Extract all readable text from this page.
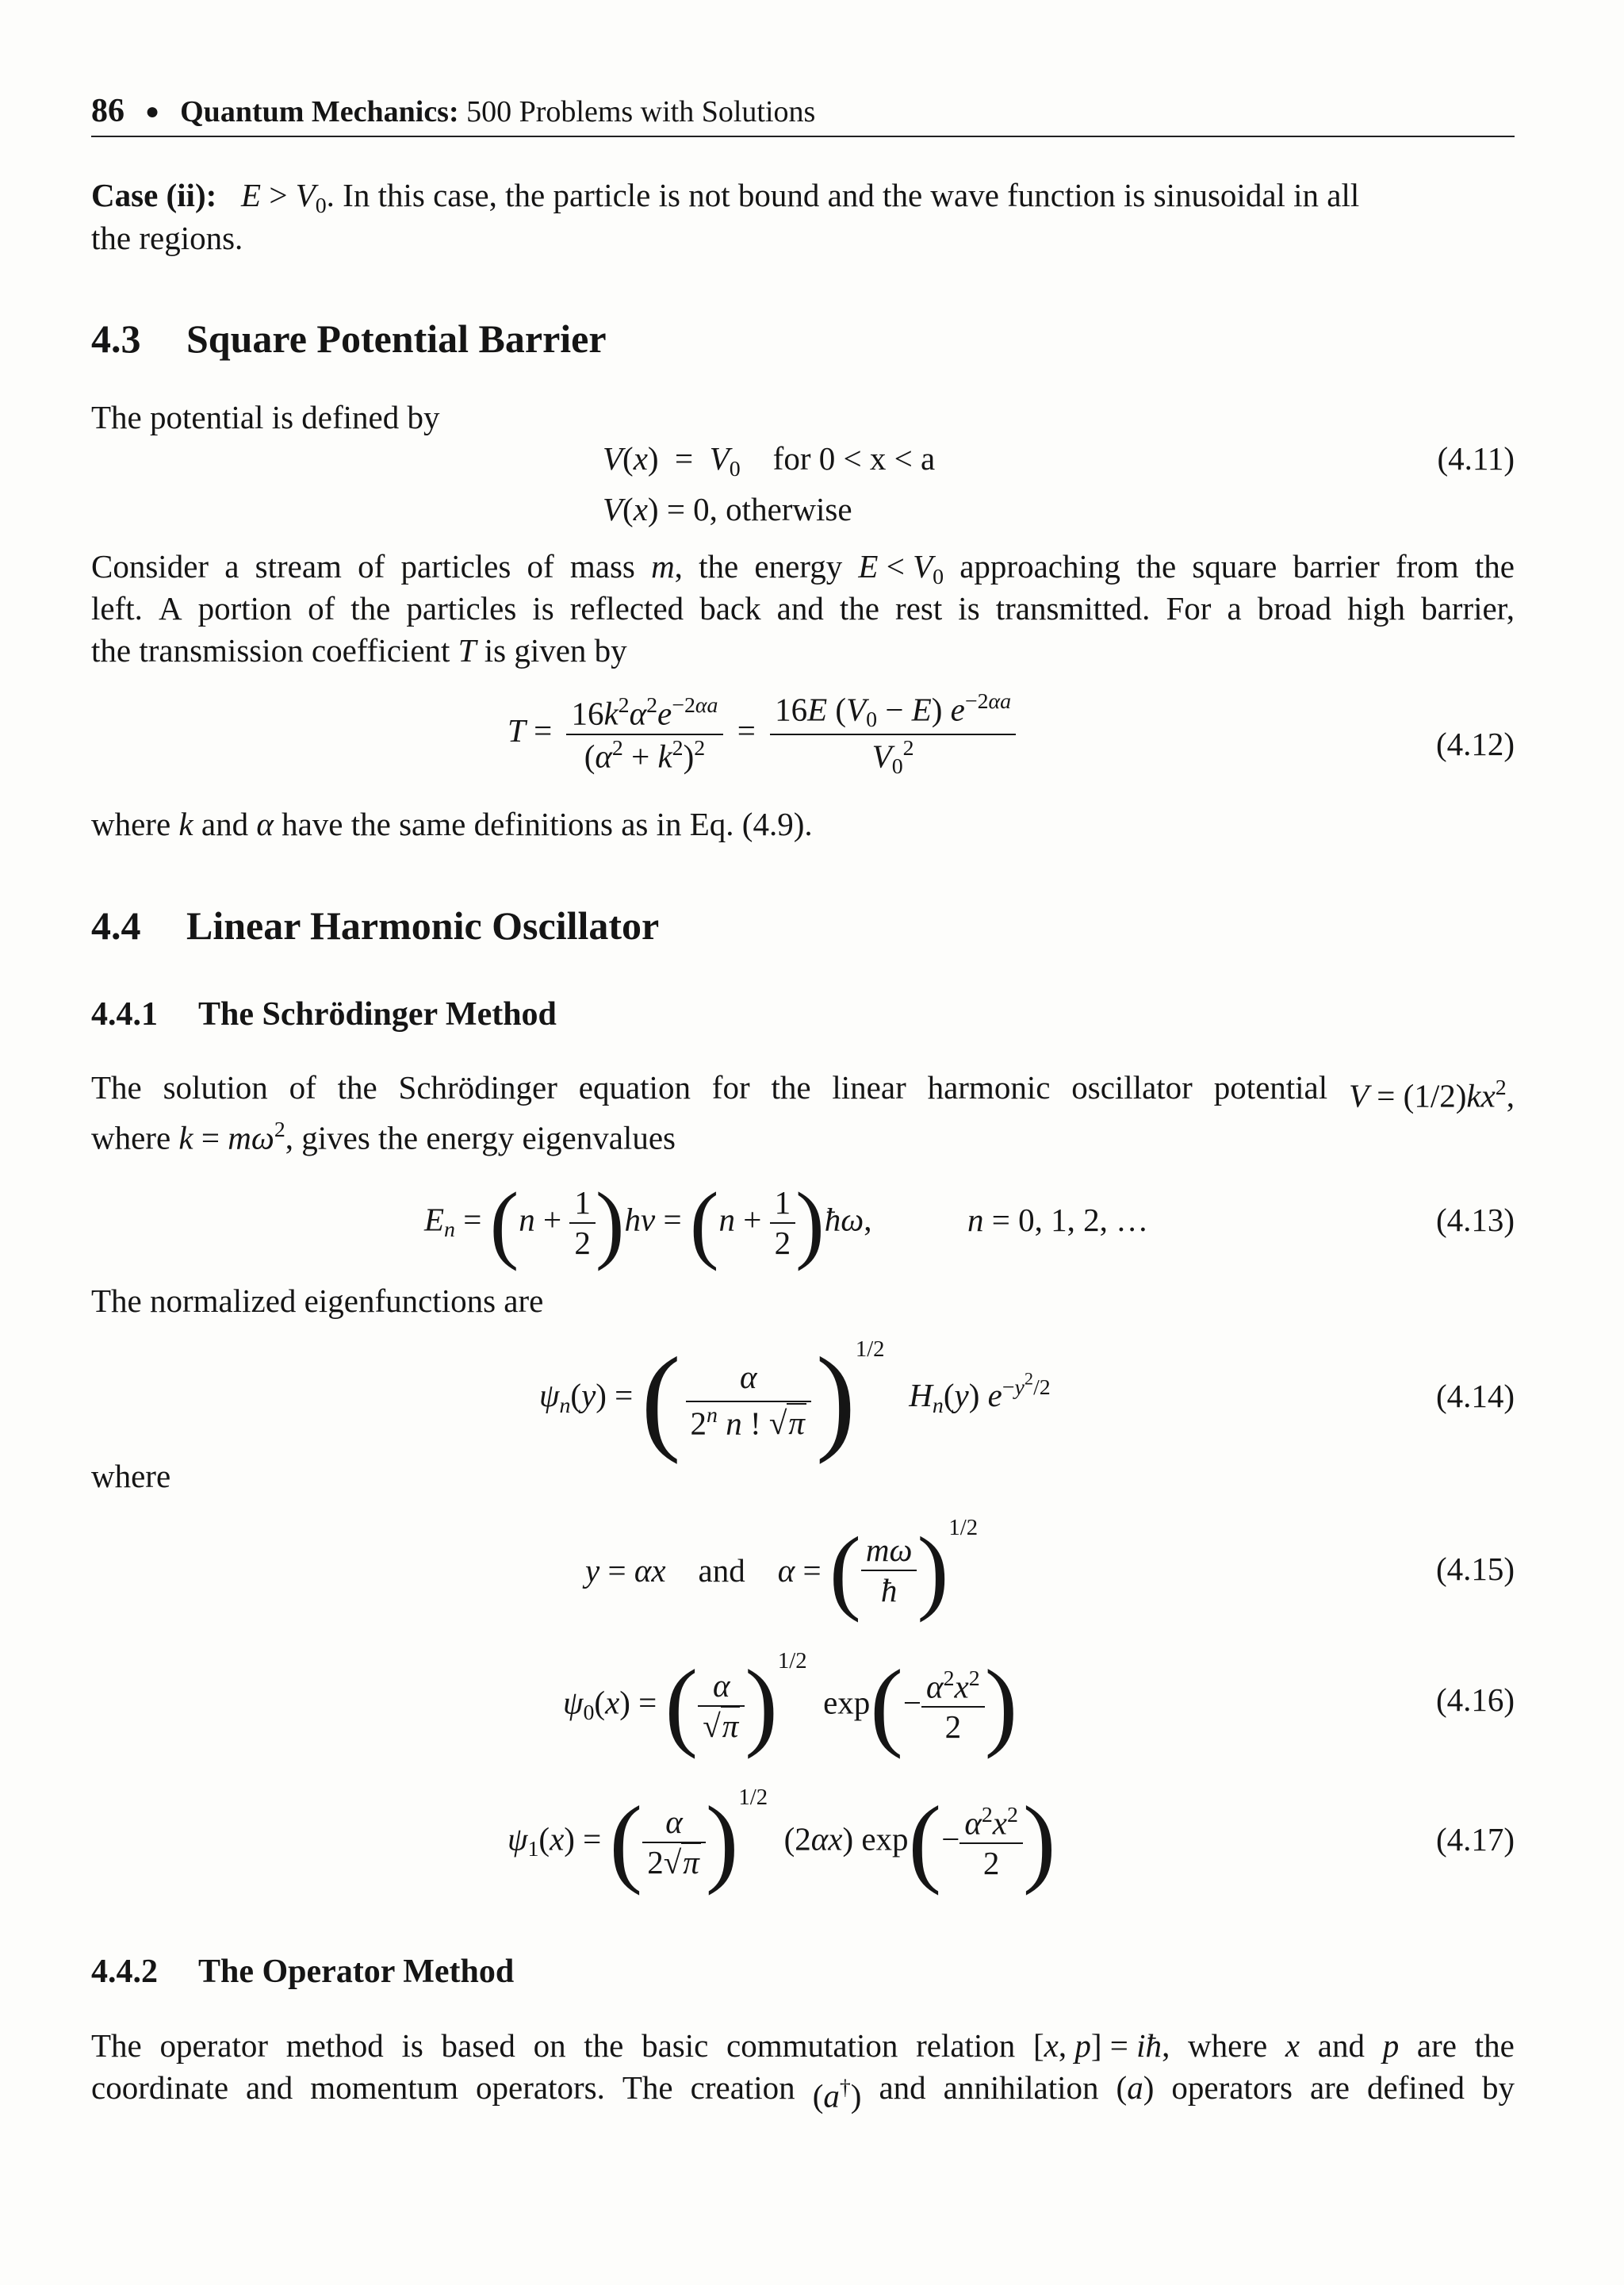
86 ● Quantum Mechanics: 500 Problems with Solutions
Case (ii): $E > V_0$. In this case, the particle is not bound and the wave function is sinusoidal in all
the regions.
4.3 Square Potential Barrier
The potential is defined by
$V(x) = V_0$ for 0 < x < a
V(x) = 0, otherwise
(4.11)
Consider a stream of particles of mass m, the energy $E < V_0$ approaching the square barrier from the
left. A portion of the particles is reflected back and the rest is transmitted. For a broad high barrier,
the transmission coefficient T is given by
$T = \frac{16k^2\alpha^2e^{-2\alpha a}}{(\alpha^2 + k^2)^2} = \frac{16E (V_0 - E) e^{-2\alpha a}}{V_0^2}$	(4.12)
where k and α have the same definitions as in Eq. (4.9).
4.4 Linear Harmonic Oscillator
4.4.1 The Schrödinger Method
The solution of the Schrödinger equation for the linear harmonic oscillator potential $V = (1/2)kx^2$,
where $k = m\omega^2$, gives the energy eigenvalues
$E_n = (n + \frac{1}{2} )h\nu = (n + \frac{1}{2}$ )ħω,	n = 0, 1, 2, …	(4.13)
The normalized eigenfunctions are
$\psi_n(y)$ = ( $\frac{\alpha}{2^n n ! √\pi} )^{1/2}$   $H_n(y)$ $e^{-y^2/2}$	(4.14)
where
y = αx and α = ( $\frac{m\omega}{ħ} )^{1/2}$
(4.15)
$\psi_0(x)$ = ( $\frac{\alpha}{√\pi} )^{1/2}$  $\exp(- \frac{\alpha^2x^2}{2}$ )	(4.16)
$\psi_1(x)$ = ( $\frac{\alpha}{2√\pi} )^{1/2}$  (2αx) $\exp(- \frac{\alpha^2x^2}{2}$ )	(4.17)
4.4.2 The Operator Method
The operator method is based on the basic commutation relation [x, p] = iħ, where x and p are the
coordinate and momentum operators. The creation (a†) and annihilation (a) operators are defined by
